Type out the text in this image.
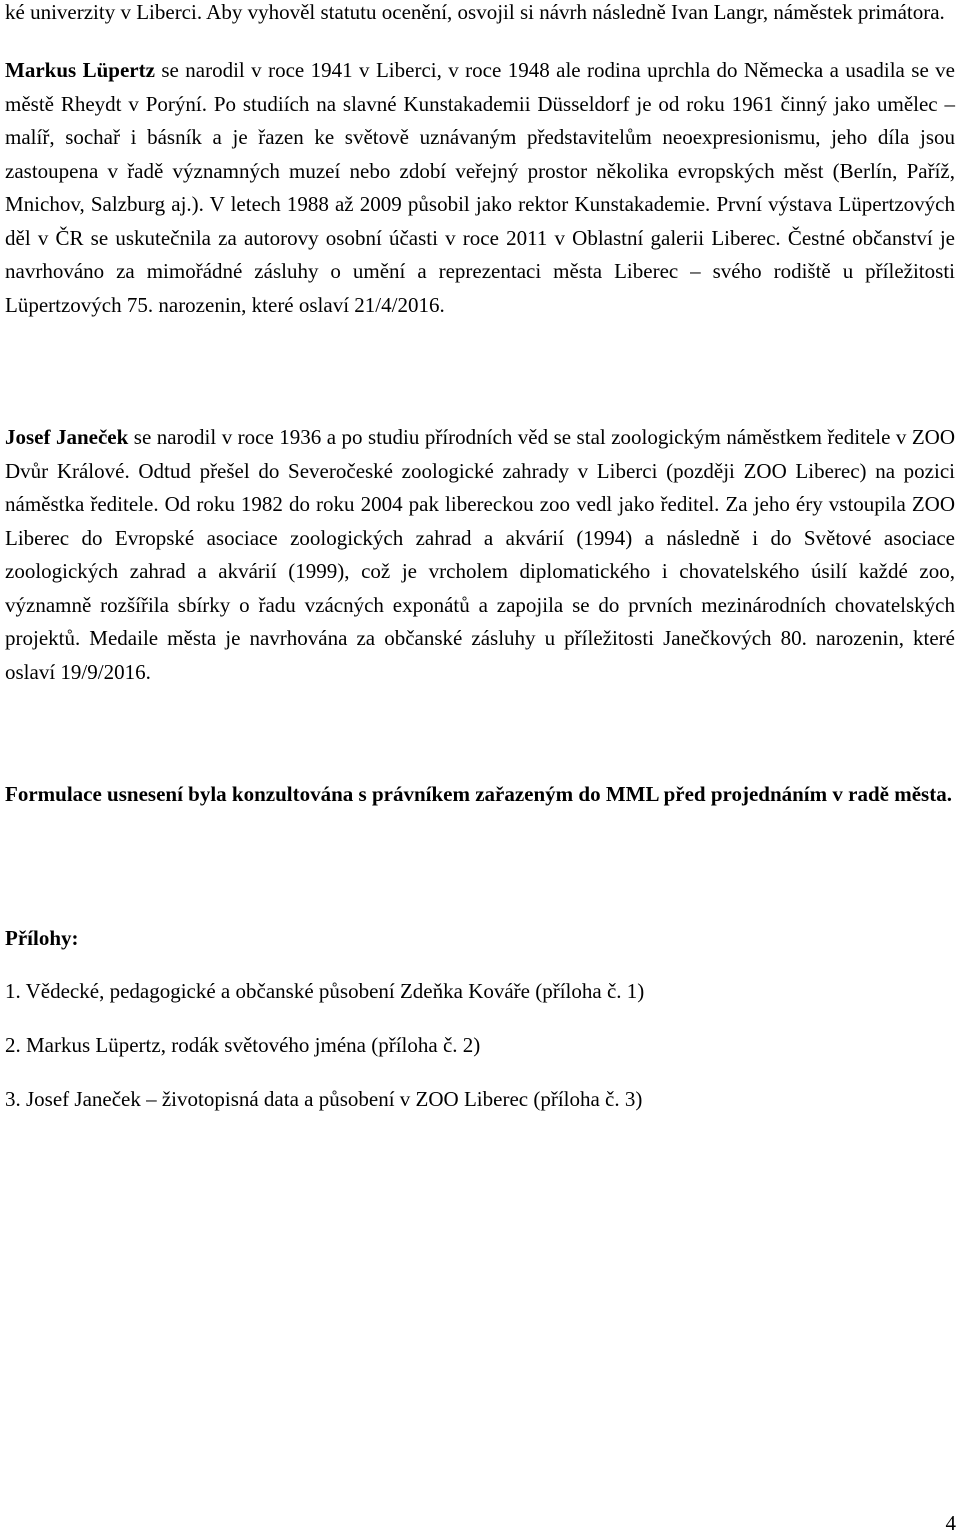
ké univerzity v Liberci. Aby vyhověl statutu ocenění, osvojil si návrh následně Ivan Langr, náměstek primátora.

Markus Lüpertz se narodil v roce 1941 v Liberci, v roce 1948 ale rodina uprchla do Německa a usadila se ve městě Rheydt v Porýní. Po studiích na slavné Kunstakademii Düsseldorf je od roku 1961 činný jako umělec – malíř, sochař i básník a je řazen ke světově uznávaným představitelům neoexpresionismu, jeho díla jsou zastoupena v řadě významných muzeí nebo zdobí veřejný prostor několika evropských měst (Berlín, Paříž, Mnichov, Salzburg aj.). V letech 1988 až 2009 působil jako rektor Kunstakademie. První výstava Lüpertzových děl v ČR se uskutečnila za autorovy osobní účasti v roce 2011 v Oblastní galerii Liberec. Čestné občanství je navrhováno za mimořádné zásluhy o umění a reprezentaci města Liberec – svého rodiště u příležitosti Lüpertzových 75. narozenin, které oslaví 21/4/2016.

Josef Janeček se narodil v roce 1936 a po studiu přírodních věd se stal zoologickým náměstkem ředitele v ZOO Dvůr Králové. Odtud přešel do Severočeské zoologické zahrady v Liberci (později ZOO Liberec) na pozici náměstka ředitele. Od roku 1982 do roku 2004 pak libereckou zoo vedl jako ředitel. Za jeho éry vstoupila ZOO Liberec do Evropské asociace zoologických zahrad a akvárií (1994) a následně i do Světové asociace zoologických zahrad a akvárií (1999), což je vrcholem diplomatického i chovatelského úsilí každé zoo, významně rozšířila sbírky o řadu vzácných exponátů a zapojila se do prvních mezinárodních chovatelských projektů. Medaile města je navrhována za občanské zásluhy u příležitosti Janečkových 80. narozenin, které oslaví 19/9/2016.

Formulace usnesení byla konzultována s právníkem zařazeným do MML před projednáním v radě města.

Přílohy:

1. Vědecké, pedagogické a občanské působení Zdeňka Kováře (příloha č. 1)

2. Markus Lüpertz, rodák světového jména (příloha č. 2)

3. Josef Janeček – životopisná data a působení v ZOO Liberec (příloha č. 3)

4
